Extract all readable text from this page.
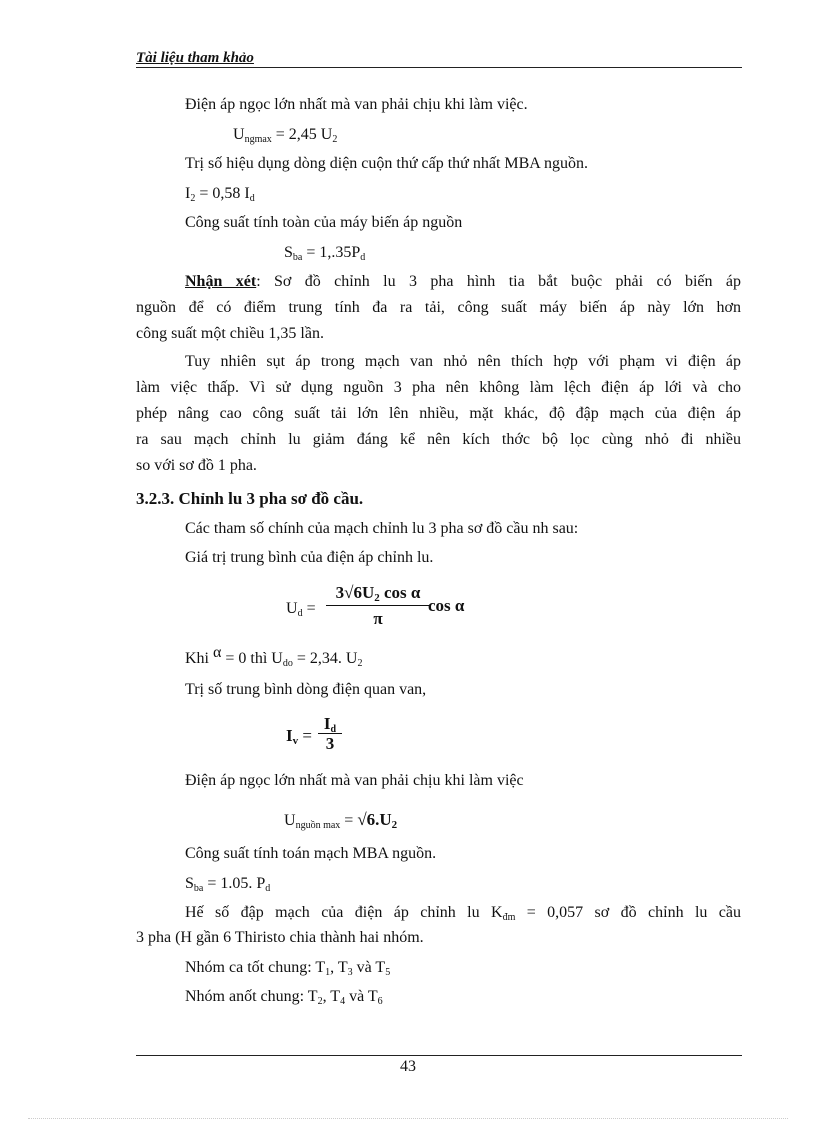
Tài liệu tham khảo
Điện áp ngọc lớn nhất mà van phải chịu khi làm việc.
$U_{ngmax} = 2,45$ $U_2$
Trị số hiệu dụng dòng diện cuộn thứ cấp thứ nhất MBA nguồn.
$I_2 = 0,58$ $I_d$
Công suất tính toàn của máy biến áp nguồn
$S_{ba} = 1,.35P_d$
Nhận xét: Sơ đồ chỉnh lu 3 pha hình tia bắt buộc phải có biến áp
nguồn để có điểm trung tính đa ra tải, công suất máy biến áp này lớn hơn
công suất một chiều 1,35 lần.
Tuy nhiên sụt áp trong mạch van nhỏ nên thích hợp với phạm vi điện áp
làm việc thấp. Vì sử dụng nguồn 3 pha nên không làm lệch điện áp lới và cho
phép nâng cao công suất tải lớn lên nhiều, mặt khác, độ đập mạch của điện áp
ra sau mạch chỉnh lu giảm đáng kể nên kích thớc bộ lọc cùng nhỏ đi nhiều
so với sơ đồ 1 pha.
3.2.3. Chỉnh lu 3 pha sơ đồ cầu.
Các tham số chính của mạch chỉnh lu 3 pha sơ đồ cầu nh sau:
Giá trị trung bình của điện áp chỉnh lu.
$U_d$ =
$3√6U_2$ cos α
π
cos α
Khi α = 0 thì $U_{do} = 2,34$. $U_2$
Trị số trung bình dòng điện quan van,
$I_v$ =
$I_d$
3
Điện áp ngọc lớn nhất mà van phải chịu khi làm việc
$U_{nguồn max} = √6.U_2$
Công suất tính toán mạch MBA nguồn.
$S_{ba} = 1.05$. $P_d$
Hế số đập mạch của điện áp chỉnh lu $K_{đm} = 0,057$ sơ đồ chỉnh lu cầu
3 pha (H gần 6 Thiristo chia thành hai nhóm.
Nhóm ca tốt chung: $T_1$, $T_3$ và $T_5$
Nhóm anốt chung: $T_2$, $T_4$ và $T_6$
43
